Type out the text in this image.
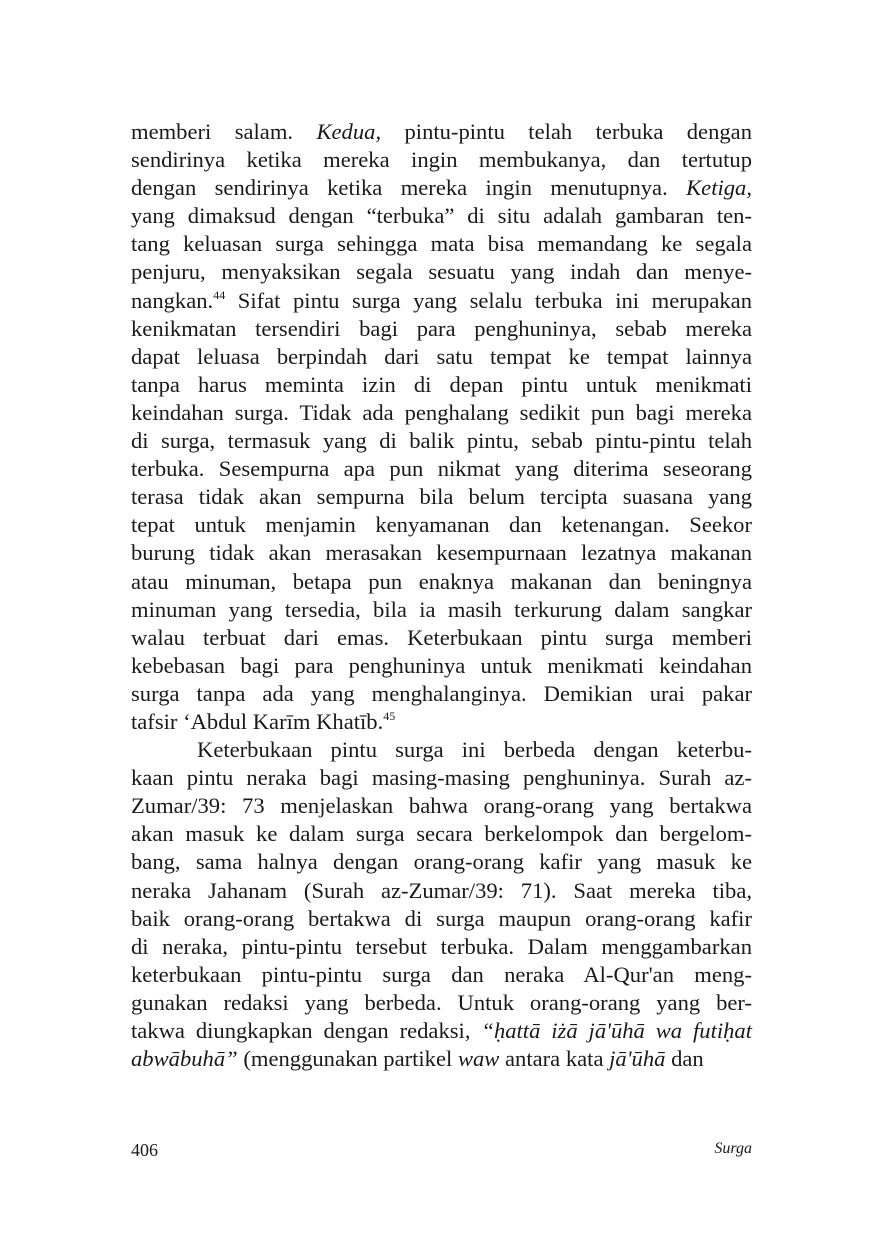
memberi salam. Kedua, pintu-pintu telah terbuka dengan
sendirinya ketika mereka ingin membukanya, dan tertutup
dengan sendirinya ketika mereka ingin menutupnya. Ketiga,
yang dimaksud dengan “terbuka” di situ adalah gambaran ten-
tang keluasan surga sehingga mata bisa memandang ke segala
penjuru, menyaksikan segala sesuatu yang indah dan menye-
nangkan.$^{44}$ Sifat pintu surga yang selalu terbuka ini merupakan
kenikmatan tersendiri bagi para penghuninya, sebab mereka
dapat leluasa berpindah dari satu tempat ke tempat lainnya
tanpa harus meminta izin di depan pintu untuk menikmati
keindahan surga. Tidak ada penghalang sedikit pun bagi mereka
di surga, termasuk yang di balik pintu, sebab pintu-pintu telah
terbuka. Sesempurna apa pun nikmat yang diterima seseorang
terasa tidak akan sempurna bila belum tercipta suasana yang
tepat untuk menjamin kenyamanan dan ketenangan. Seekor
burung tidak akan merasakan kesempurnaan lezatnya makanan
atau minuman, betapa pun enaknya makanan dan beningnya
minuman yang tersedia, bila ia masih terkurung dalam sangkar
walau terbuat dari emas. Keterbukaan pintu surga memberi
kebebasan bagi para penghuninya untuk menikmati keindahan
surga tanpa ada yang menghalanginya. Demikian urai pakar
tafsir ‘Abdul Karīm Khatīb.$^{45}$

Keterbukaan pintu surga ini berbeda dengan keterbu-
kaan pintu neraka bagi masing-masing penghuninya. Surah az-
Zumar/39: 73 menjelaskan bahwa orang-orang yang bertakwa
akan masuk ke dalam surga secara berkelompok dan bergelom-
bang, sama halnya dengan orang-orang kafir yang masuk ke
neraka Jahanam (Surah az-Zumar/39: 71). Saat mereka tiba,
baik orang-orang bertakwa di surga maupun orang-orang kafir
di neraka, pintu-pintu tersebut terbuka. Dalam menggambarkan
keterbukaan pintu-pintu surga dan neraka Al-Qur'an meng-
gunakan redaksi yang berbeda. Untuk orang-orang yang ber-
takwa diungkapkan dengan redaksi, “ḥattā iżā jā'ūhā wa futiḥat
abwābuhā” (menggunakan partikel waw antara kata jā'ūhā dan

406	Surga
